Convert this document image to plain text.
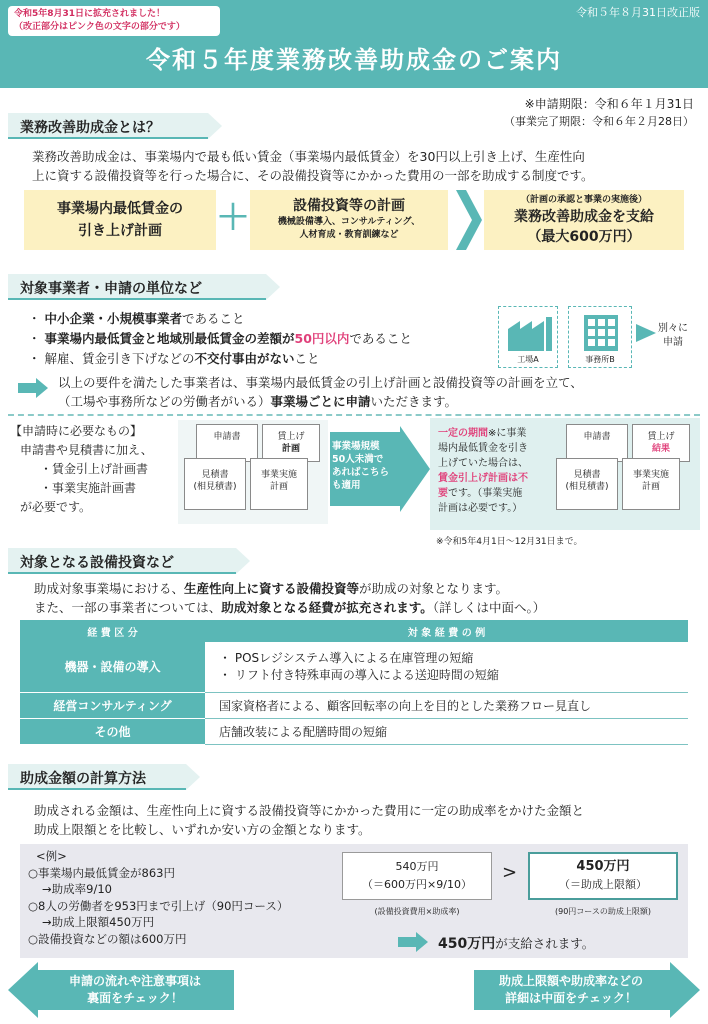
令和５年８月31日改正版
令和5年8月31日に拡充されました！
（改正部分はピンク色の文字の部分です）
令和５年度業務改善助成金のご案内
※申請期限：令和６年１月31日
（事業完了期限：令和６年２月28日）
業務改善助成金とは？
業務改善助成金は、事業場内で最も低い賃金（事業場内最低賃金）を30円以上引き上げ、生産性向
上に資する設備投資等を行った場合に、その設備投資等にかかった費用の一部を助成する制度です。
事業場内最低賃金の
引き上げ計画	＋	設備投資等の計画
機械設備導入、コンサルティング、
人材育成・教育訓練など
（計画の承認と事業の実施後）
業務改善助成金を支給
（最大600万円）
対象事業者・申請の単位など
・ 中小企業・小規模事業者であること
・ 事業場内最低賃金と地域別最低賃金の差額が50円以内であること
・ 解雇、賃金引き下げなどの不交付事由がないこと	工場A	事務所B
別々に
申請
以上の要件を満たした事業者は、事業場内最低賃金の引上げ計画と設備投資等の計画を立て、
（工場や事務所などの労働者がいる）事業場ごとに申請いただきます。
【申請時に必要なもの】
申請書や見積書に加え、
・賃金引上げ計画書
・事業実施計画書
が必要です。
申請書	賃上げ
計画
見積書
(相見積書)
事業実施
計画
事業場規模
50人未満で
あればこちら
も適用
一定の期間※に事業
場内最低賃金を引き
上げていた場合は、
賃金引上げ計画は不
要です。（事業実施
計画は必要です。）
申請書	賃上げ
結果
見積書
(相見積書)
事業実施
計画
※令和5年4月1日～12月31日まで。
対象となる設備投資など
助成対象事業場における、生産性向上に資する設備投資等が助成の対象となります。
また、一部の事業者については、助成対象となる経費が拡充されます。（詳しくは中面へ。）
経 費 区 分	対 象 経 費 の 例
機器・設備の導入	・ POSレジシステム導入による在庫管理の短縮
・ リフト付き特殊車両の導入による送迎時間の短縮

経営コンサルティング	国家資格者による、顧客回転率の向上を目的とした業務フロー見直し
その他	店舗改装による配膳時間の短縮
助成金額の計算方法
助成される金額は、生産性向上に資する設備投資等にかかった費用に一定の助成率をかけた金額と
助成上限額とを比較し、いずれか安い方の金額となります。
<例>
○事業場内最低賃金が863円
→助成率9/10
○8人の労働者を953円まで引上げ（90円コース）
→助成上限額450万円
○設備投資などの額は600万円
540万円
（＝600万円×9/10）
(設備投資費用×助成率)
>	450万円
（＝助成上限額）
(90円コースの助成上限額)
450万円が支給されます。
申請の流れや注意事項は
裏面をチェック！
助成上限額や助成率などの
詳細は中面をチェック！
